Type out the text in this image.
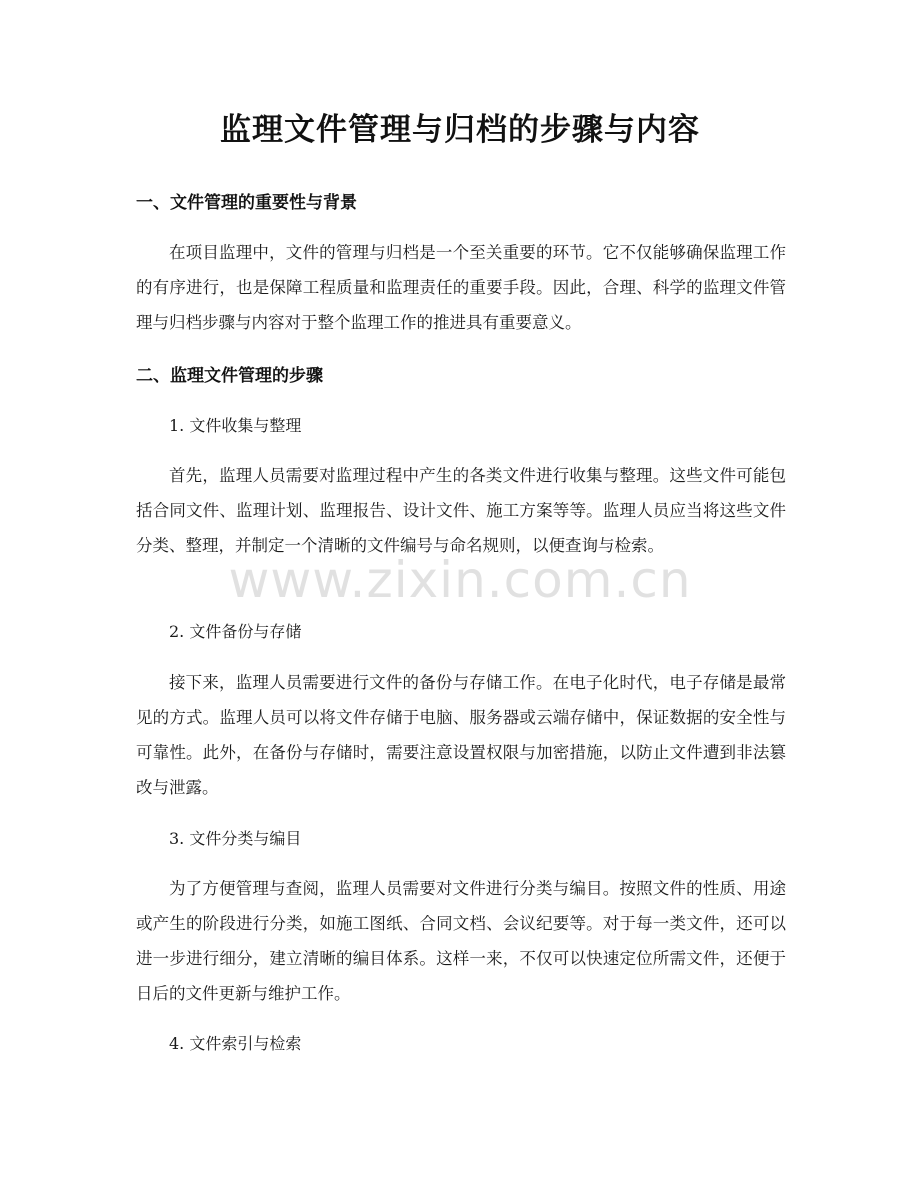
监理文件管理与归档的步骤与内容
一、文件管理的重要性与背景

在项目监理中，文件的管理与归档是一个至关重要的环节。它不仅能够确保监理工作的有序进行，也是保障工程质量和监理责任的重要手段。因此，合理、科学的监理文件管理与归档步骤与内容对于整个监理工作的推进具有重要意义。

二、监理文件管理的步骤
1. 文件收集与整理

首先，监理人员需要对监理过程中产生的各类文件进行收集与整理。这些文件可能包括合同文件、监理计划、监理报告、设计文件、施工方案等等。监理人员应当将这些文件分类、整理，并制定一个清晰的文件编号与命名规则，以便查询与检索。

2. 文件备份与存储

接下来，监理人员需要进行文件的备份与存储工作。在电子化时代，电子存储是最常见的方式。监理人员可以将文件存储于电脑、服务器或云端存储中，保证数据的安全性与可靠性。此外，在备份与存储时，需要注意设置权限与加密措施，以防止文件遭到非法篡改与泄露。

3. 文件分类与编目

为了方便管理与查阅，监理人员需要对文件进行分类与编目。按照文件的性质、用途或产生的阶段进行分类，如施工图纸、合同文档、会议纪要等。对于每一类文件，还可以进一步进行细分，建立清晰的编目体系。这样一来，不仅可以快速定位所需文件，还便于日后的文件更新与维护工作。

4. 文件索引与检索
www.zixin.com.cn
